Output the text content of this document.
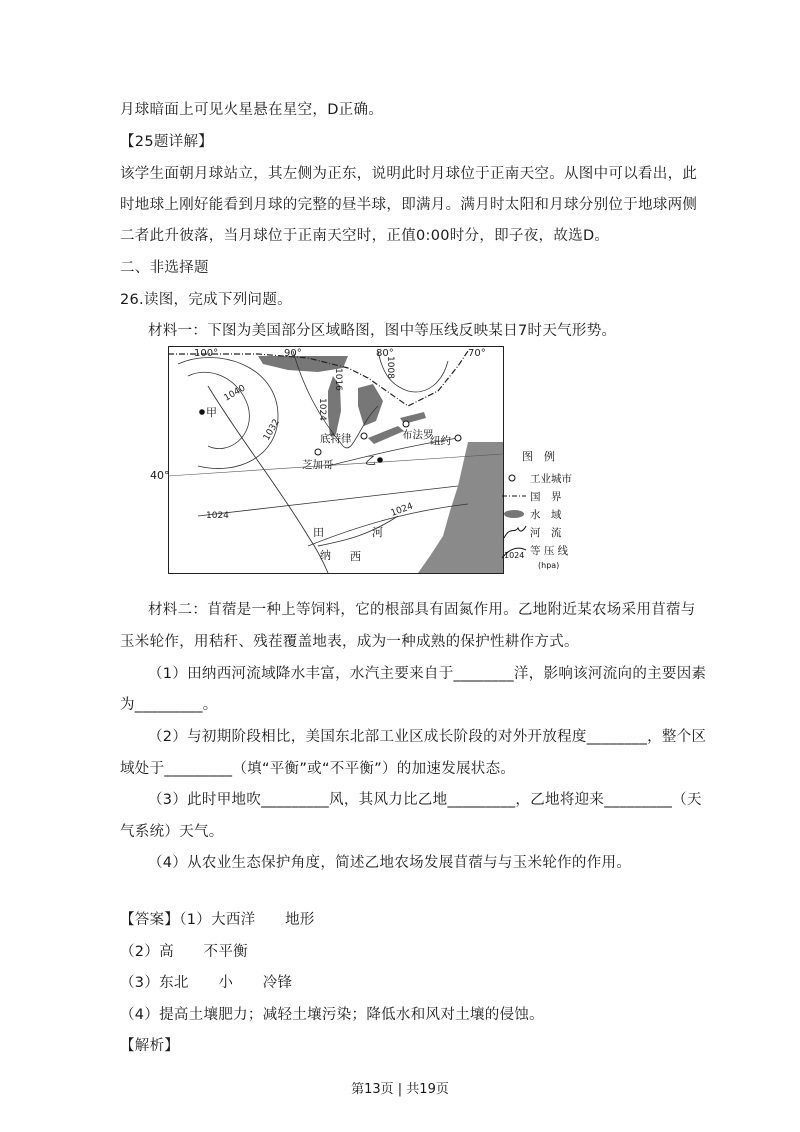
月球暗面上可见火星悬在星空，D正确。
【25题详解】
该学生面朝月球站立，其左侧为正东，说明此时月球位于正南天空。从图中可以看出，此
时地球上刚好能看到月球的完整的昼半球，即满月。满月时太阳和月球分别位于地球两侧
二者此升彼落，当月球位于正南天空时，正值0:00时分，即子夜，故选D。
二、非选择题
26.读图，完成下列问题。
材料一：下图为美国部分区域略图，图中等压线反映某日7时天气形势。
100°	90°	80°	70°
1040
1032
1024	1024
1016
1024
1008
甲
乙
底特律	布法罗
纽约
芝加哥
田
纳 西
河
40°
图　例
工业城市
国　界
水　域
河　流
1024 等 压 线
(hpa)
材料二：苜蓿是一种上等饲料，它的根部具有固氮作用。乙地附近某农场采用苜蓿与
玉米轮作，用秸秆、残茬覆盖地表，成为一种成熟的保护性耕作方式。
（1）田纳西河流域降水丰富，水汽主要来自于________洋，影响该河流向的主要因素
为_________。
（2）与初期阶段相比，美国东北部工业区成长阶段的对外开放程度________，整个区
域处于_________（填“平衡”或“不平衡”）的加速发展状态。
（3）此时甲地吹_________风，其风力比乙地_________，乙地将迎来_________（天
气系统）天气。
（4）从农业生态保护角度，简述乙地农场发展苜蓿与与玉米轮作的作用。
【答案】（1）大西洋　　地形
（2）高　　不平衡
（3）东北　　小　　冷锋
（4）提高土壤肥力；减轻土壤污染；降低水和风对土壤的侵蚀。
【解析】
第13页 | 共19页
